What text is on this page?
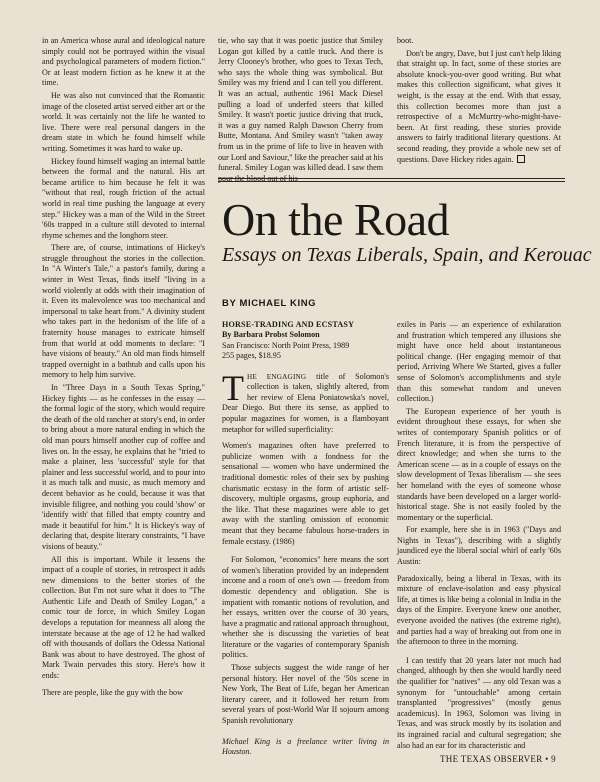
in an America whose aural and ideological nature simply could not be portrayed within the visual and psychological parameters of modern fiction." Or at least modern fiction as he knew it at the time.

He was also not convinced that the Romantic image of the closeted artist served either art or the world. It was certainly not the life he wanted to live. There were real personal dangers in the dream state in which he found himself while writing. Sometimes it was hard to wake up.

Hickey found himself waging an internal battle between the formal and the natural. His art became artifice to him because he felt it was "without that real, rough friction of the actual world in real time pushing the language at every step." Hickey was a man of the Wild in the Street '60s trapped in a culture still devoted to internal rhyme schemes and the longhorn steer.

There are, of course, intimations of Hickey's struggle throughout the stories in the collection. In "A Winter's Tale," a pastor's family, during a winter in West Texas, finds itself "living in a world violently at odds with their imagination of it. Even its malevolence was too mechanical and impersonal to take heart from." A divinity student who takes part in the hedonism of the life of a fraternity house manages to extricate himself from that world at odd moments to declare: "I have visions of beauty." An old man finds himself trapped overnight in a bathtub and calls upon his memory to help him survive.

In "Three Days in a South Texas Spring," Hickey fights — as he confesses in the essay — the formal logic of the story, which would require the death of the old rancher at story's end, in order to bring about a more natural ending in which the old man pours himself another cup of coffee and lives on. In the essay, he explains that he "tried to make a plainer, less 'successful' style for that plainer and less successful world, and to pour into it as much talk and music, as much memory and decent behavior as he could, because it was that invisible filigree, and nothing you could 'show' or 'identify with' that filled that empty country and made it beautiful for him." It is Hickey's way of declaring that, despite literary constraints, "I have visions of beauty."

All this is important. While it lessens the impact of a couple of stories, in retrospect it adds new dimensions to the better stories of the collection. But I'm not sure what it does to "The Authentic Life and Death of Smiley Logan," a comic tour de force, in which Smiley Logan develops a reputation for meanness all along the interstate because at the age of 12 he had walked off with thousands of dollars the Odessa National Bank was about to have destroyed. The ghost of Mark Twain pervades this story. Here's how it ends:

There are people, like the guy with the bow

tie, who say that it was poetic justice that Smiley Logan got killed by a cattle truck. And there is Jerry Clooney's brother, who goes to Texas Tech, who says the whole thing was symbolical. But Smiley was my friend and I can tell you different. It was an actual, authentic 1961 Mack Diesel pulling a load of underfed steers that killed Smiley. It wasn't poetic justice driving that truck, it was a guy named Ralph Dawson Cherry from Butte, Montana. And Smiley wasn't "taken away from us in the prime of life to live in heaven with our Lord and Saviour," like the preacher said at his funeral. Smiley Logan was killed dead. I saw them pour the blood out of his

boot.

Don't be angry, Dave, but I just can't help liking that straight up. In fact, some of these stories are absolute knock-you-over good writing. But what makes this collection significant, what gives it weight, is the essay at the end. With that essay, this collection becomes more than just a retrospective of a McMurtry-who-might-have-been. At first reading, these stories provide answers to fairly traditional literary questions. At second reading, they provide a whole new set of questions. Dave Hickey rides again.

On the Road
Essays on Texas Liberals, Spain, and Kerouac
BY MICHAEL KING
HORSE-TRADING AND ECSTASY
By Barbara Probst Solomon
San Francisco: North Point Press, 1989
255 pages, $18.95

THE ENGAGING title of Solomon's collection is taken, slightly altered, from her review of Elena Poniatowska's novel, Dear Diego. But there its sense, as applied to popular magazines for women, is a flamboyant metaphor for willed superficiality:

Women's magazines often have preferred to publicize women with a fondness for the sensational — women who have undermined the traditional domestic roles of their sex by pushing charismatic ecstasy in the form of artistic self-discovery, multiple orgasms, group euphoria, and the like. That these magazines were able to get away with the startling omission of economic meant that they became fabulous horse-traders in female ecstasy. (1986)

For Solomon, "economics" here means the sort of women's liberation provided by an independent income and a room of one's own — freedom from domestic dependency and obligation. She is impatient with romantic notions of revolution, and her essays, written over the course of 30 years, have a pragmatic and rational approach throughout, whether she is discussing the varieties of beat literature or the vagaries of contemporary Spanish politics.

Those subjects suggest the wide range of her personal history. Her novel of the '50s scene in New York, The Beat of Life, began her American literary career, and it followed her return from several years of post-World War II sojourn among Spanish revolutionary

Michael King is a freelance writer living in Houston.

exiles in Paris — an experience of exhilaration and frustration which tempered any illusions she might have once held about instantaneous political change. (Her engaging memoir of that period, Arriving Where We Started, gives a fuller sense of Solomon's accomplishments and style than this somewhat random and uneven collection.)

The European experience of her youth is evident throughout these essays, for when she writes of contemporary Spanish politics or of French literature, it is from the perspective of direct knowledge; and when she turns to the American scene — as in a couple of essays on the slow development of Texas liberalism — she sees her homeland with the eyes of someone whose standards have been developed on a larger world-historical stage. She is not easily fooled by the momentary or the superficial.

For example, here she is in 1963 ("Days and Nights in Texas"), describing with a slightly jaundiced eye the liberal social whirl of early '60s Austin:

Paradoxically, being a liberal in Texas, with its mixture of enclave-isolation and easy physical life, at times is like being a colonial in India in the days of the Empire. Everyone knew one another, everyone avoided the natives (the extreme right), and parties had a way of breaking out from one in the afternoon to three in the morning.

I can testify that 20 years later not much had changed, although by then she would hardly need the qualifier for "natives" — any old Texan was a synonym for "untouchable" among certain transplanted "progressives" (mostly genus academicus). In 1963, Solomon was living in Texas, and was struck mostly by its isolation and its ingrained racial and cultural segregation; she also had an ear for its characteristic and

THE TEXAS OBSERVER • 9
